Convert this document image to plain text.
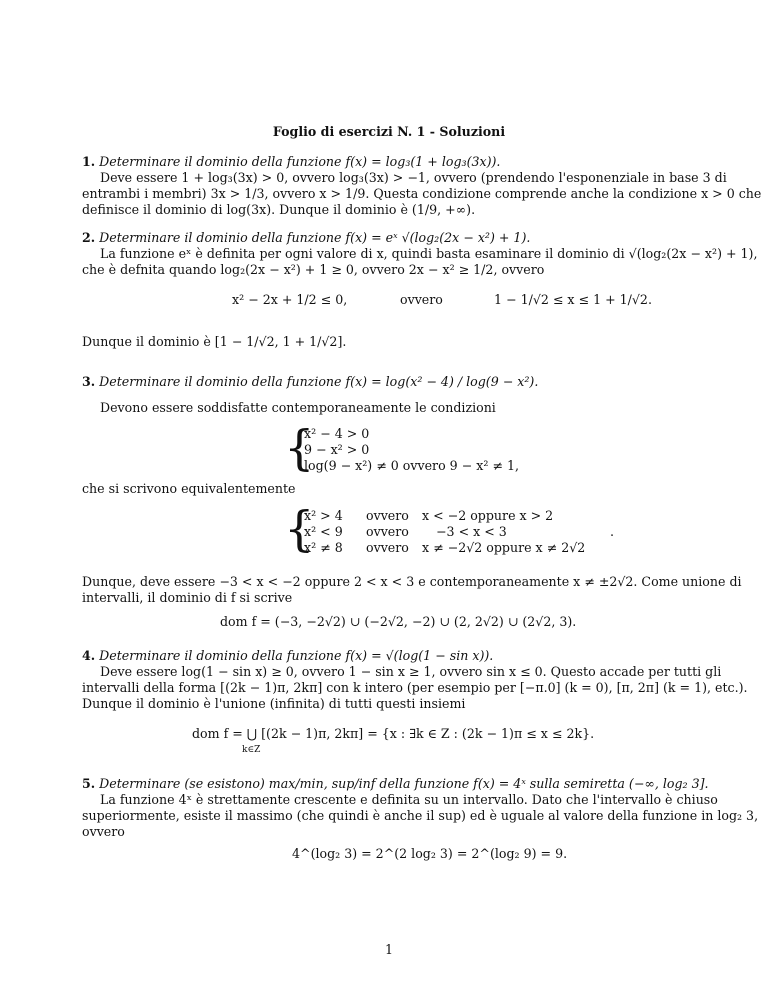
Foglio di esercizi N. 1 - Soluzioni
1. Determinare il dominio della funzione f(x) = log₃(1 + log₃(3x)).
Deve essere 1 + log₃(3x) > 0, ovvero log₃(3x) > −1, ovvero (prendendo l'esponenziale in base 3 di
entrambi i membri) 3x > 1/3, ovvero x > 1/9. Questa condizione comprende anche la condizione x > 0 che
definisce il dominio di log(3x). Dunque il dominio è (1/9, +∞).
2. Determinare il dominio della funzione f(x) = eˣ √(log₂(2x − x²) + 1).
La funzione eˣ è definita per ogni valore di x, quindi basta esaminare il dominio di √(log₂(2x − x²) + 1),
che è defnita quando log₂(2x − x²) + 1 ≥ 0, ovvero 2x − x² ≥ 1/2, ovvero
x² − 2x + 1/2 ≤ 0,	ovvero	1 − 1/√2 ≤ x ≤ 1 + 1/√2.
Dunque il dominio è [1 − 1/√2, 1 + 1/√2].
3. Determinare il dominio della funzione f(x) = log(x² − 4) / log(9 − x²).
Devono essere soddisfatte contemporaneamente le condizioni
{
x² − 4 > 0
9 − x² > 0
log(9 − x²) ≠ 0 ovvero 9 − x² ≠ 1,
che si scrivono equivalentemente
{
x² > 4
x² < 9
x² ≠ 8
ovvero
ovvero
ovvero
x < −2 oppure x > 2
−3 < x < 3
x ≠ −2√2 oppure x ≠ 2√2
.
Dunque, deve essere −3 < x < −2 oppure 2 < x < 3 e contemporaneamente x ≠ ±2√2. Come unione di
intervalli, il dominio di f si scrive
dom f = (−3, −2√2) ∪ (−2√2, −2) ∪ (2, 2√2) ∪ (2√2, 3).
4. Determinare il dominio della funzione f(x) = √(log(1 − sin x)).
Deve essere log(1 − sin x) ≥ 0, ovvero 1 − sin x ≥ 1, ovvero sin x ≤ 0. Questo accade per tutti gli
intervalli della forma [(2k − 1)π, 2kπ] con k intero (per esempio per [−π.0] (k = 0), [π, 2π] (k = 1), etc.).
Dunque il dominio è l'unione (infinita) di tutti questi insiemi
dom f = ⋃ [(2k − 1)π, 2kπ] = {x : ∃k ∈ Z : (2k − 1)π ≤ x ≤ 2k}.
k∈Z
5. Determinare (se esistono) max/min, sup/inf della funzione f(x) = 4ˣ sulla semiretta (−∞, log₂ 3].
La funzione 4ˣ è strettamente crescente e definita su un intervallo. Dato che l'intervallo è chiuso
superiormente, esiste il massimo (che quindi è anche il sup) ed è uguale al valore della funzione in log₂ 3,
ovvero
4^(log₂ 3) = 2^(2 log₂ 3) = 2^(log₂ 9) = 9.
1
